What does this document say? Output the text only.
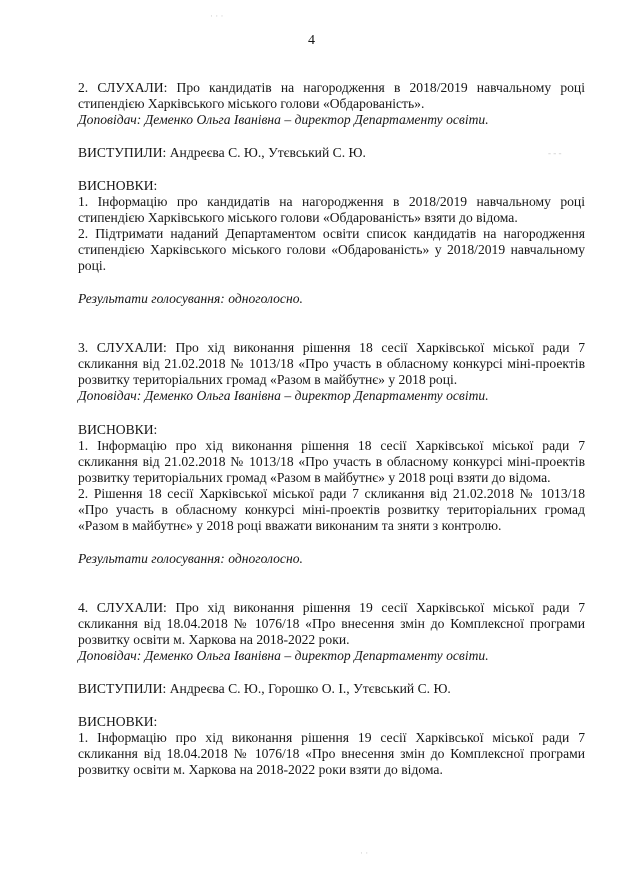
4

2. СЛУХАЛИ: Про кандидатів на нагородження в 2018/2019 навчальному році стипендією Харківського міського голови «Обдарованість».

Доповідач: Деменко Ольга Іванівна – директор Департаменту освіти.

ВИСТУПИЛИ: Андреєва С. Ю., Утєвський С. Ю.

ВИСНОВКИ:

1. Інформацію про кандидатів на нагородження в 2018/2019 навчальному році стипендією Харківського міського голови «Обдарованість» взяти до відома.

2. Підтримати наданий Департаментом освіти список кандидатів на нагородження стипендією Харківського міського голови «Обдарованість» у 2018/2019 навчальному році.

Результати голосування: одноголосно.

3. СЛУХАЛИ: Про хід виконання рішення 18 сесії Харківської міської ради 7 скликання від 21.02.2018 № 1013/18 «Про участь в обласному конкурсі міні-проектів розвитку територіальних громад «Разом в майбутнє» у 2018 році.

Доповідач: Деменко Ольга Іванівна – директор Департаменту освіти.

ВИСНОВКИ:

1. Інформацію про хід виконання рішення 18 сесії Харківської міської ради 7 скликання від 21.02.2018 № 1013/18 «Про участь в обласному конкурсі міні-проектів розвитку територіальних громад «Разом в майбутнє» у 2018 році взяти до відома.

2. Рішення 18 сесії Харківської міської ради 7 скликання від 21.02.2018 № 1013/18 «Про участь в обласному конкурсі міні-проектів розвитку територіальних громад «Разом в майбутнє» у 2018 році вважати виконаним та зняти з контролю.

Результати голосування: одноголосно.

4. СЛУХАЛИ: Про хід виконання рішення 19 сесії Харківської міської ради 7 скликання від 18.04.2018 № 1076/18 «Про внесення змін до Комплексної програми розвитку освіти м. Харкова на 2018-2022 роки.

Доповідач: Деменко Ольга Іванівна – директор Департаменту освіти.

ВИСТУПИЛИ: Андреєва С. Ю., Горошко О. І., Утєвський С. Ю.

ВИСНОВКИ:

1. Інформацію про хід виконання рішення 19 сесії Харківської міської ради 7 скликання від 18.04.2018 № 1076/18 «Про внесення змін до Комплексної програми розвитку освіти м. Харкова на 2018-2022 роки взяти до відома.

· · ·
- - -
· ·
